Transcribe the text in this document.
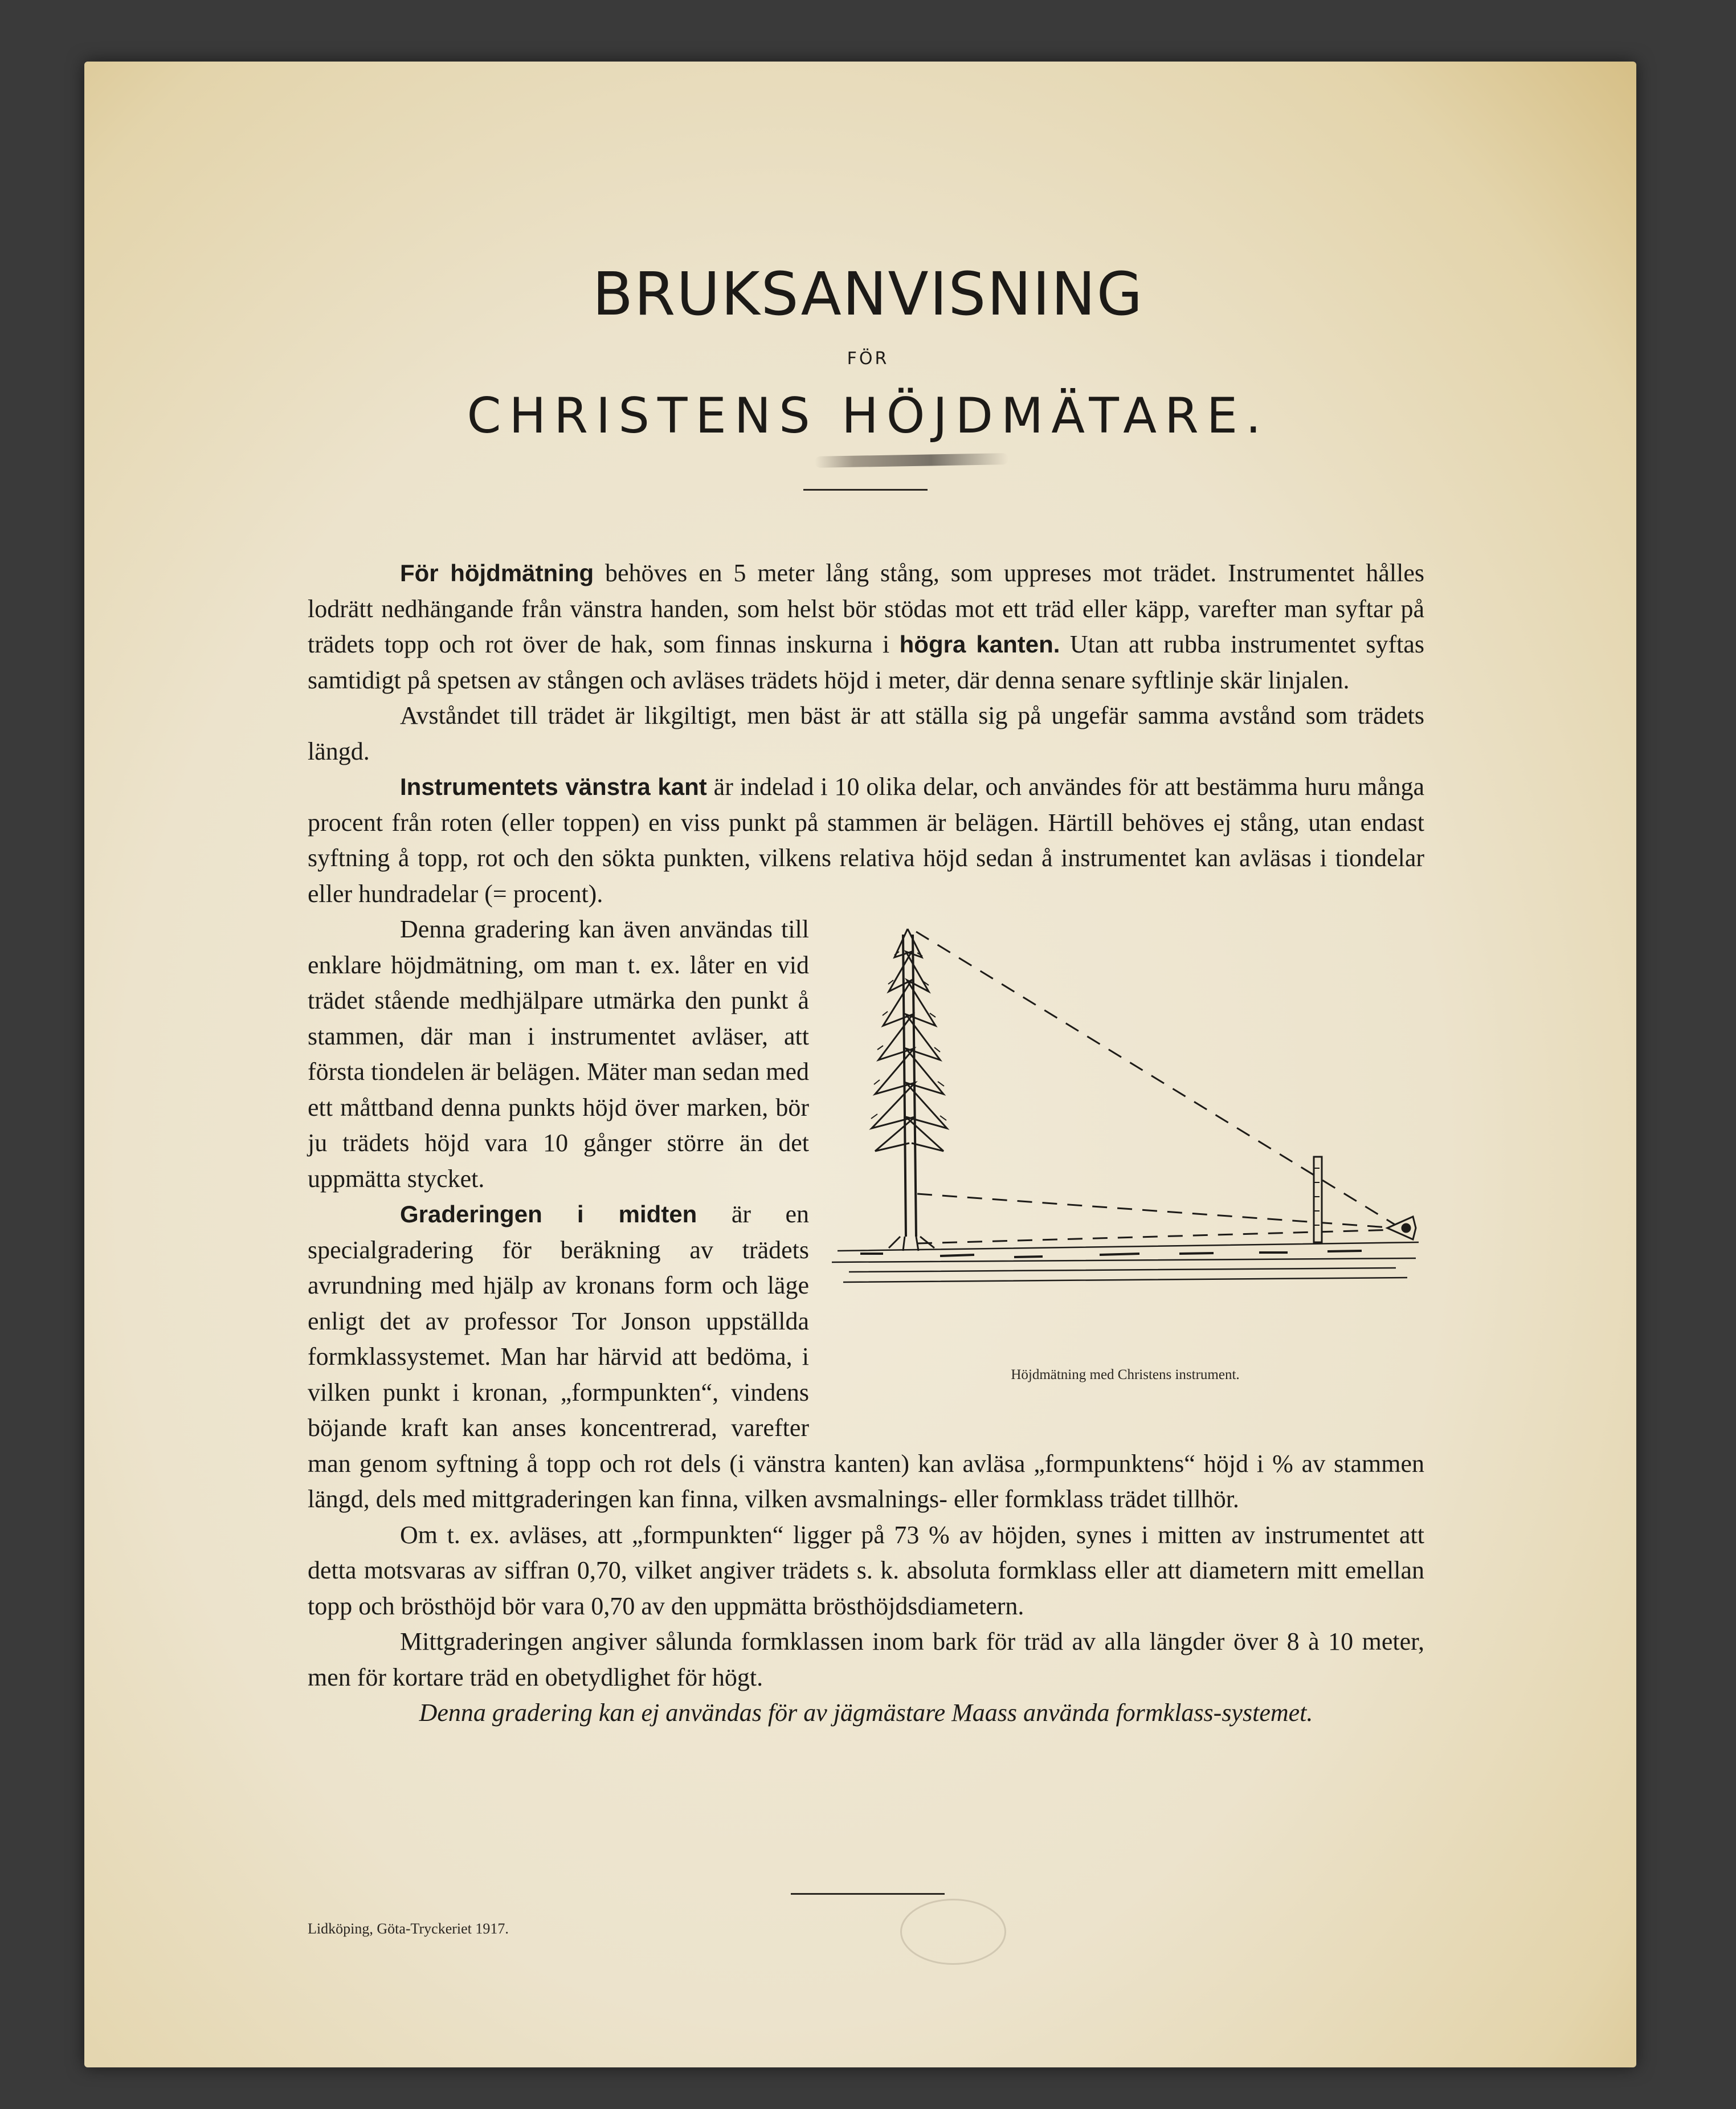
BRUKSANVISNING
FÖR
CHRISTENS HÖJDMÄTARE.

För höjdmätning behöves en 5 meter lång stång, som uppreses mot trädet. Instrumentet hålles lodrätt nedhängande från vänstra handen, som helst bör stödas mot ett träd eller käpp, varefter man syftar på trädets topp och rot över de hak, som finnas inskurna i högra kanten. Utan att rubba instrumentet syftas samtidigt på spetsen av stången och avläses trädets höjd i meter, där denna senare syftlinje skär linjalen.

Avståndet till trädet är likgiltigt, men bäst är att ställa sig på ungefär samma avstånd som trädets längd.

Instrumentets vänstra kant är indelad i 10 olika delar, och användes för att bestämma huru många procent från roten (eller toppen) en viss punkt på stammen är belägen. Härtill behöves ej stång, utan endast syftning å topp, rot och den sökta punkten, vilkens relativa höjd sedan å instrumentet kan avläsas i tiondelar eller hundradelar (= procent).

Höjdmätning med Christens instrument.

Denna gradering kan även användas till enklare höjdmätning, om man t. ex. låter en vid trädet stående medhjälpare utmärka den punkt å stammen, där man i instrumentet avläser, att första tiondelen är belägen. Mäter man sedan med ett måttband denna punkts höjd över marken, bör ju trädets höjd vara 10 gånger större än det uppmätta stycket.

Graderingen i midten är en specialgradering för beräkning av trädets avrundning med hjälp av kronans form och läge enligt det av professor Tor Jonson uppställda formklassystemet. Man har härvid att bedöma, i vilken punkt i kronan, „formpunkten“, vindens böjande kraft kan anses koncentrerad, varefter man genom syftning å topp och rot dels (i vänstra kanten) kan avläsa „formpunktens“ höjd i % av stammen längd, dels med mittgraderingen kan finna, vilken avsmalnings- eller formklass trädet tillhör.

Om t. ex. avläses, att „formpunkten“ ligger på 73 % av höjden, synes i mitten av instrumentet att detta motsvaras av siffran 0,70, vilket angiver trädets s. k. absoluta formklass eller att diametern mitt emellan topp och brösthöjd bör vara 0,70 av den uppmätta brösthöjdsdiametern.

Mittgraderingen angiver sålunda formklassen inom bark för träd av alla längder över 8 à 10 meter, men för kortare träd en obetydlighet för högt.

Denna gradering kan ej användas för av jägmästare Maass använda formklass-systemet.

Lidköping, Göta-Tryckeriet 1917.
